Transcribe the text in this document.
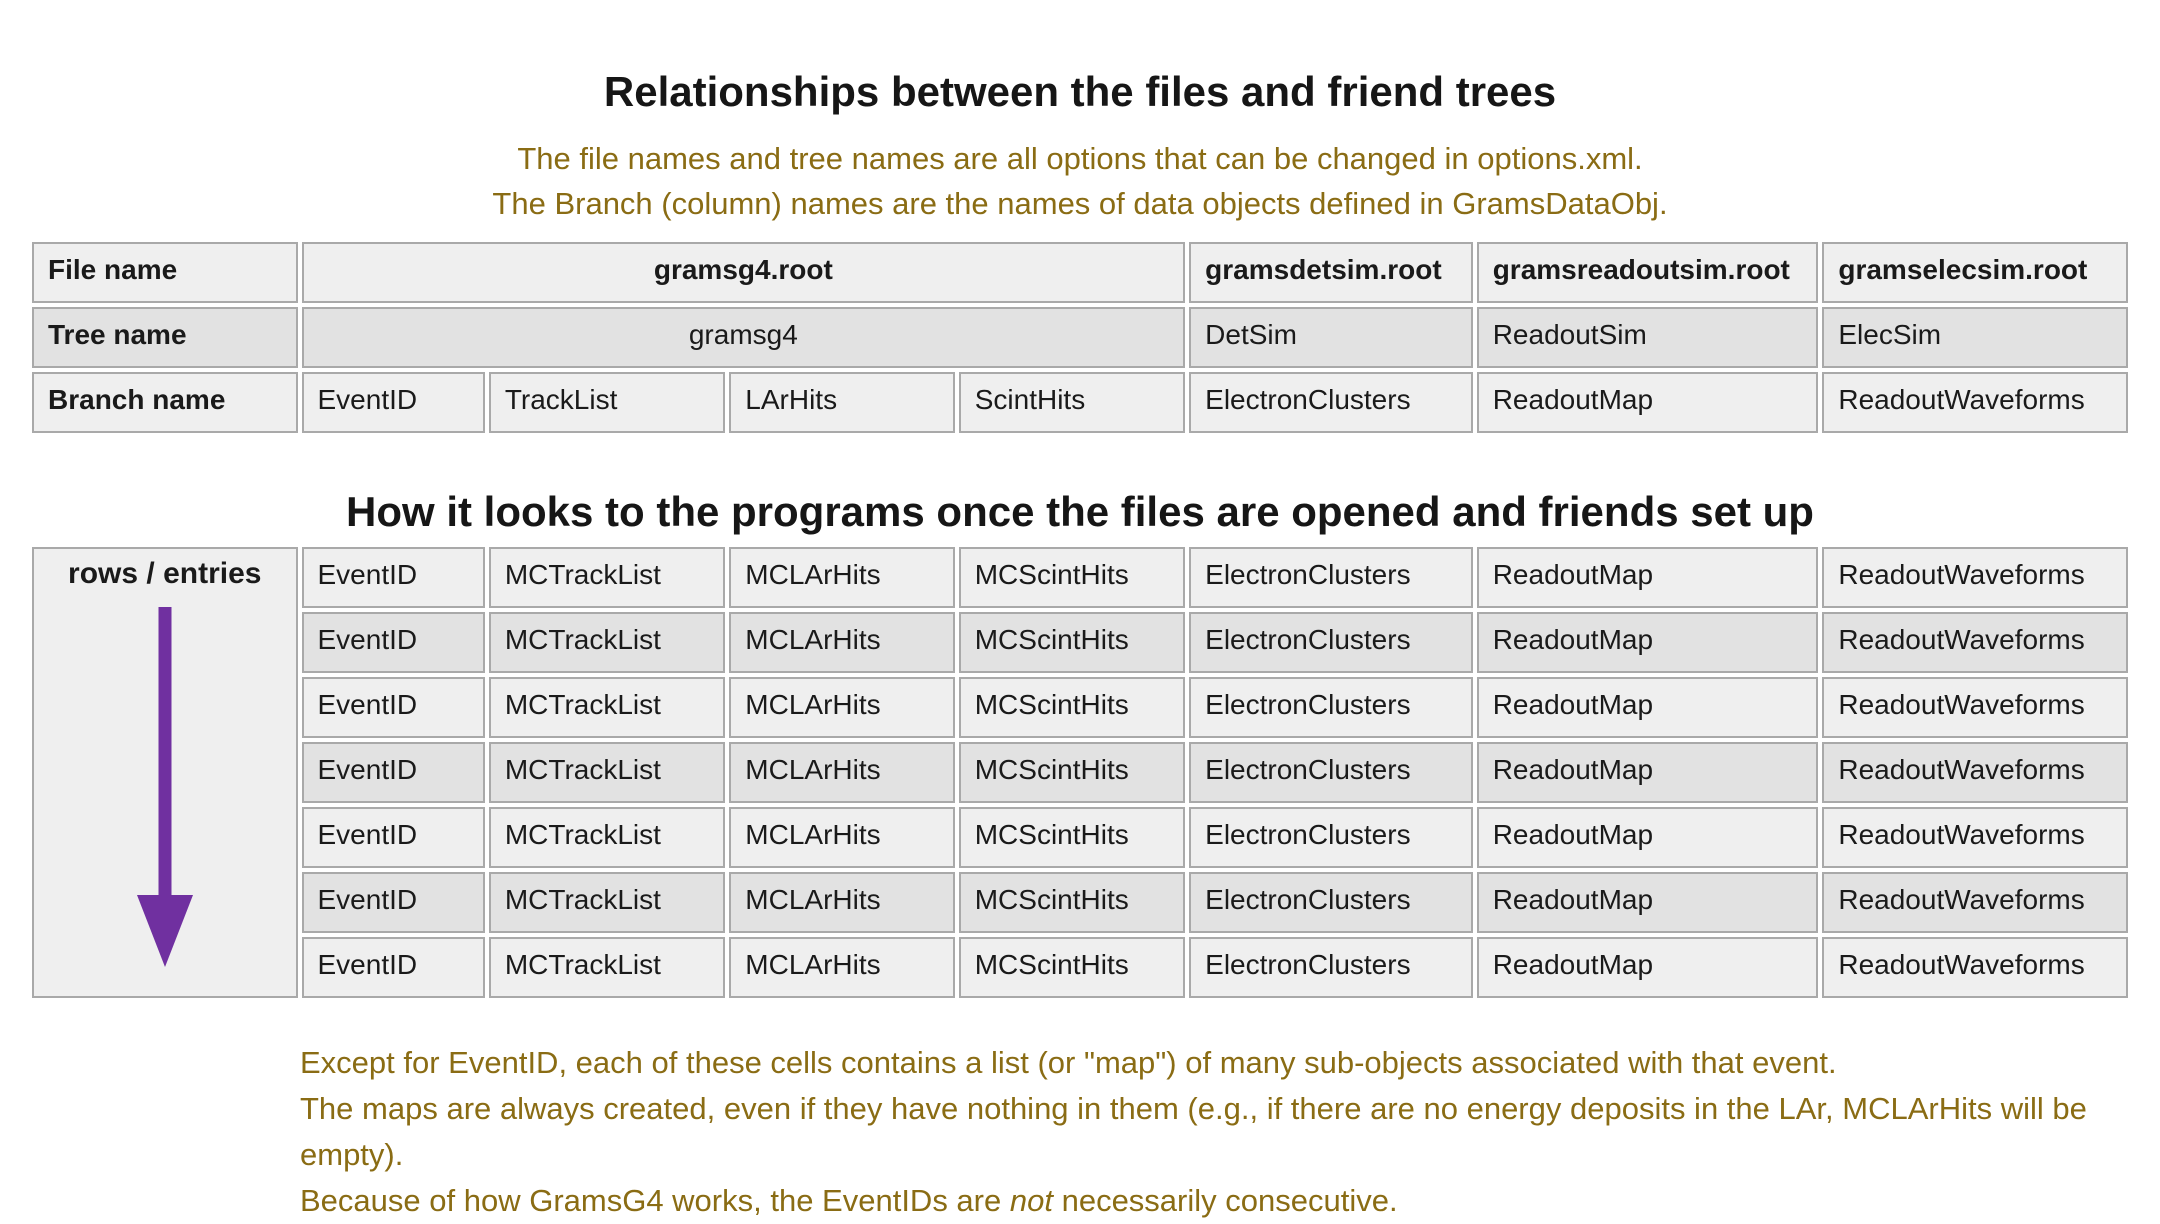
Relationships between the files and friend trees
The file names and tree names are all options that can be changed in options.xml.
The Branch (column) names are the names of data objects defined in GramsDataObj.
File name	gramsg4.root				gramsdetsim.root	gramsreadoutsim.root	gramselecsim.root
Tree name	gramsg4				DetSim	ReadoutSim	ElecSim
Branch name	EventID	TrackList	LArHits	ScintHits	ElectronClusters	ReadoutMap	ReadoutWaveforms
How it looks to the programs once the files are opened and friends set up
rows / entries	EventID	MCTrackList	MCLArHits	MCScintHits	ElectronClusters	ReadoutMap	ReadoutWaveforms
	EventID	MCTrackList	MCLArHits	MCScintHits	ElectronClusters	ReadoutMap	ReadoutWaveforms
	EventID	MCTrackList	MCLArHits	MCScintHits	ElectronClusters	ReadoutMap	ReadoutWaveforms
	EventID	MCTrackList	MCLArHits	MCScintHits	ElectronClusters	ReadoutMap	ReadoutWaveforms
	EventID	MCTrackList	MCLArHits	MCScintHits	ElectronClusters	ReadoutMap	ReadoutWaveforms
	EventID	MCTrackList	MCLArHits	MCScintHits	ElectronClusters	ReadoutMap	ReadoutWaveforms
	EventID	MCTrackList	MCLArHits	MCScintHits	ElectronClusters	ReadoutMap	ReadoutWaveforms
Except for EventID, each of these cells contains a list (or "map") of many sub-objects associated with that event.
The maps are always created, even if they have nothing in them (e.g., if there are no energy deposits in the LAr, MCLArHits will be empty).
Because of how GramsG4 works, the EventIDs are not necessarily consecutive.
